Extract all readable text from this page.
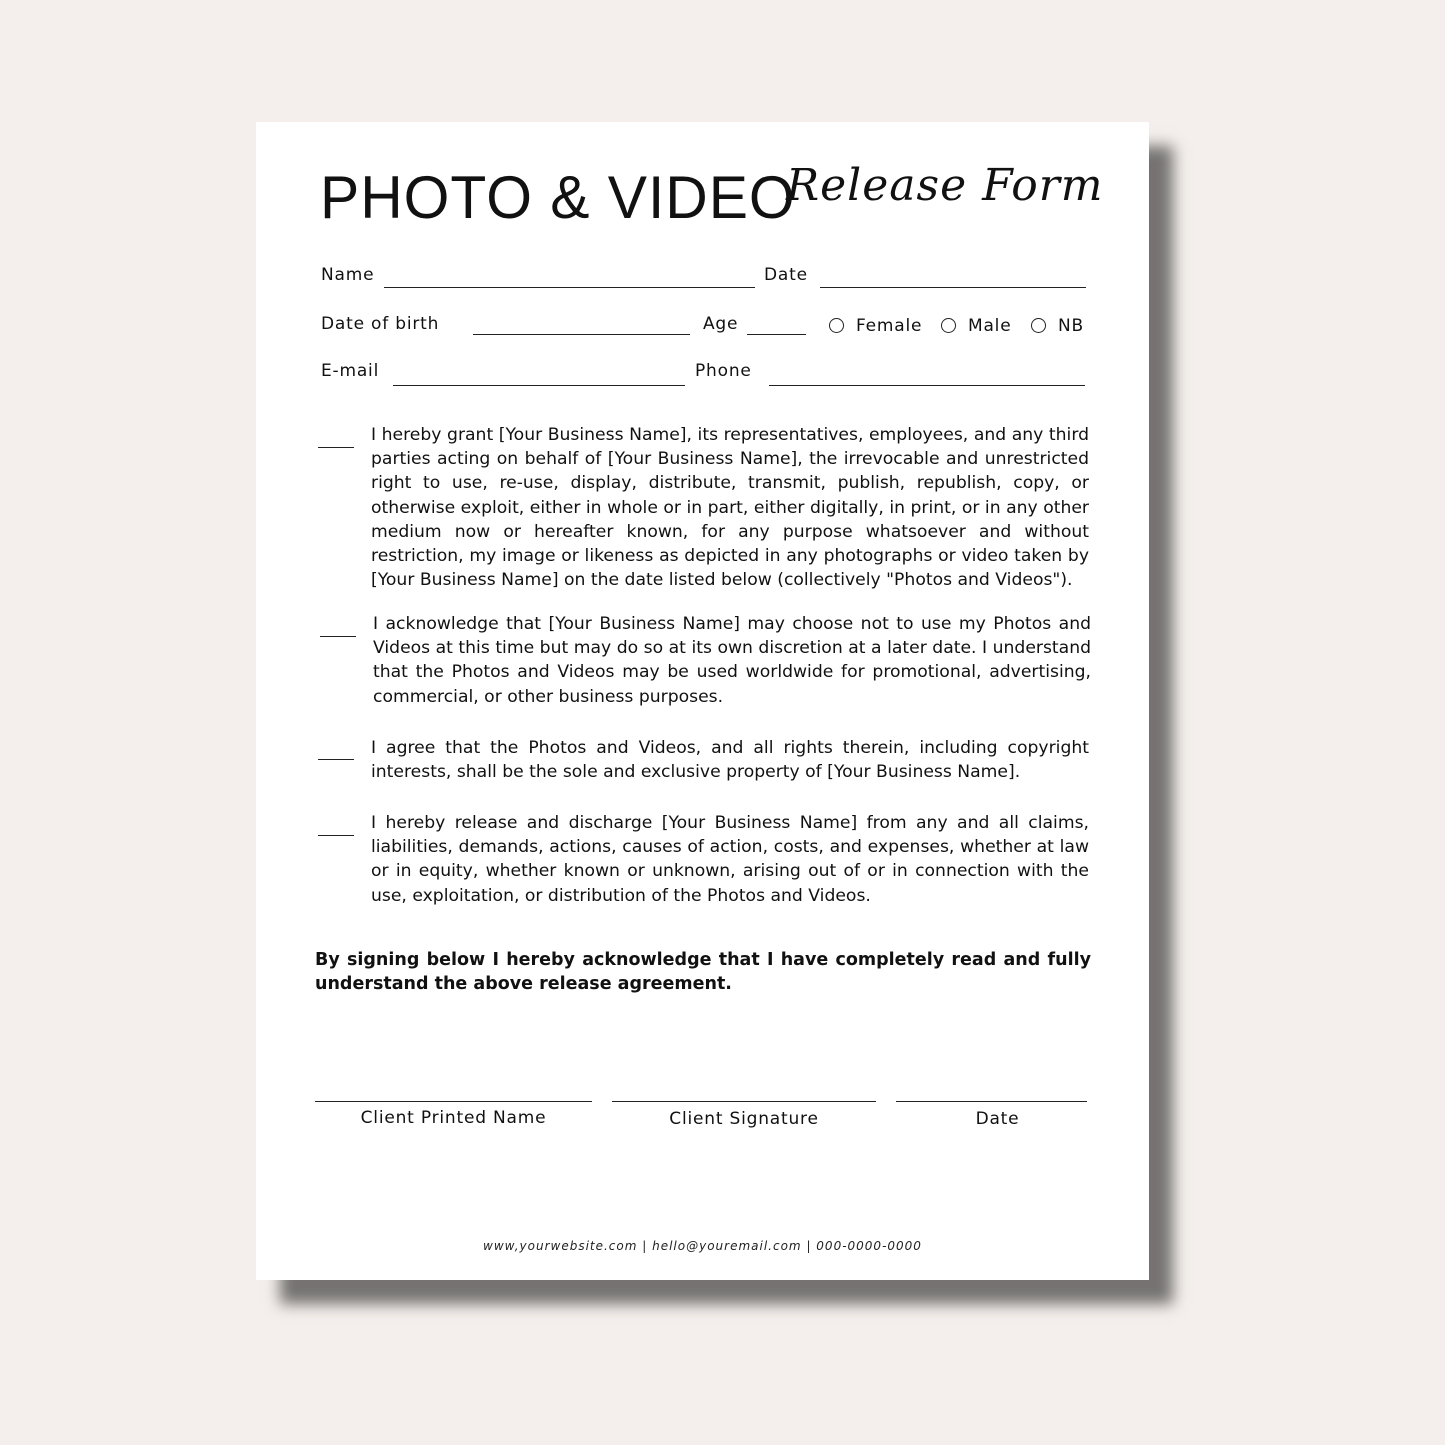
PHOTO & VIDEO
Release Form
Name	Date
Date of birth	Age	Female	Male	NB
E-mail	Phone
I hereby grant [Your Business Name], its representatives, employees, and any third parties acting on behalf of [Your Business Name], the irrevocable and unrestricted right to use, re-use, display, distribute, transmit, publish, republish, copy, or otherwise exploit, either in whole or in part, either digitally, in print, or in any other medium now or hereafter known, for any purpose whatsoever and without restriction, my image or likeness as depicted in any photographs or video taken by [Your Business Name] on the date listed below (collectively "Photos and Videos").
I acknowledge that [Your Business Name] may choose not to use my Photos and Videos at this time but may do so at its own discretion at a later date. I understand that the Photos and Videos may be used worldwide for promotional, advertising, commercial, or other business purposes.
I agree that the Photos and Videos, and all rights therein, including copyright interests, shall be the sole and exclusive property of [Your Business Name].
I hereby release and discharge [Your Business Name] from any and all claims, liabilities, demands, actions, causes of action, costs, and expenses, whether at law or in equity, whether known or unknown, arising out of or in connection with the use, exploitation, or distribution of the Photos and Videos.
By signing below I hereby acknowledge that I have completely read and fully understand the above release agreement.
Client Printed Name	Client Signature	Date
www,yourwebsite.com | hello@youremail.com | 000-0000-0000
